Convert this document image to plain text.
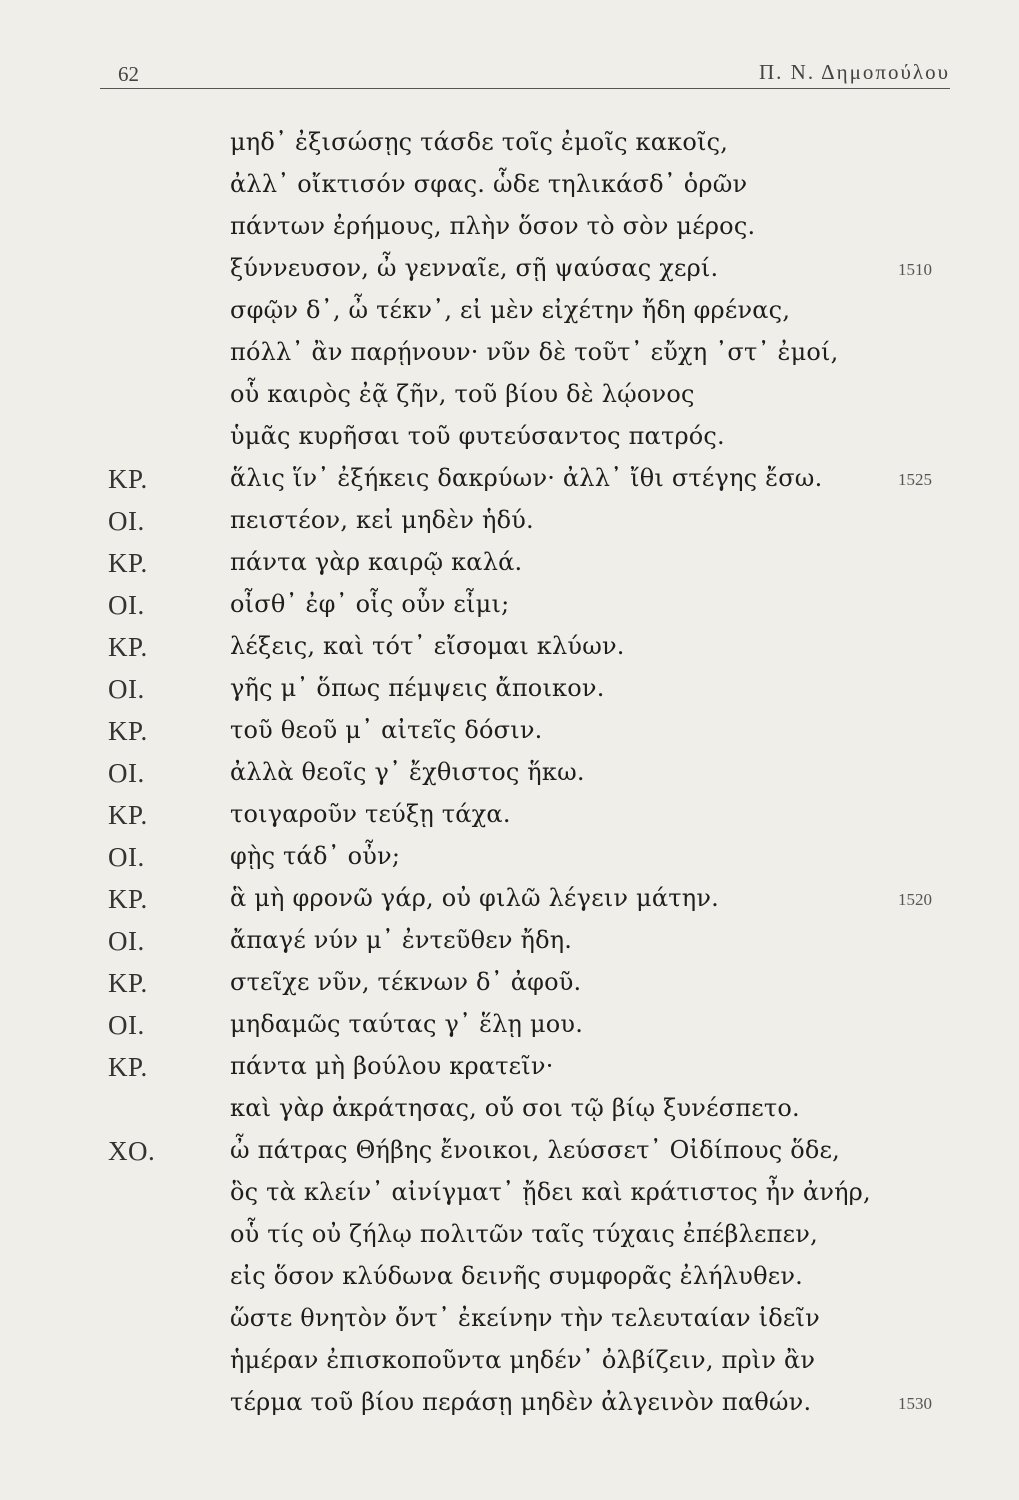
62	Π. Ν. Δημοπούλου
μηδ᾽ ἐξισώσῃς τάσδε τοῖς ἐμοῖς κακοῖς,
ἀλλ᾽ οἴκτισόν σφας. ὧδε τηλικάσδ᾽ ὁρῶν
πάντων ἐρήμους, πλὴν ὅσον τὸ σὸν μέρος.
ξύννευσον, ὦ γενναῖε, σῇ ψαύσας χερί.	1510
σφῷν δ᾽, ὦ τέκν᾽, εἰ μὲν εἰχέτην ἤδη φρένας,
πόλλ᾽ ἂν παρῄνουν· νῦν δὲ τοῦτ᾽ εὔχη ᾽στ᾽ ἐμοί,
οὗ καιρὸς ἐᾷ ζῆν, τοῦ βίου δὲ λῴονος
ὑμᾶς κυρῆσαι τοῦ φυτεύσαντος πατρός.
ΚΡ.	ἅλις ἵν᾽ ἐξήκεις δακρύων· ἀλλ᾽ ἴθι στέγης ἔσω.	1525
ΟΙ.	πειστέον, κεἰ μηδὲν ἡδύ.
ΚΡ.	πάντα γὰρ καιρῷ καλά.
ΟΙ.	οἶσθ᾽ ἐφ᾽ οἷς οὖν εἶμι;
ΚΡ.	λέξεις, καὶ τότ᾽ εἴσομαι κλύων.
ΟΙ.	γῆς μ᾽ ὅπως πέμψεις ἄποικον.
ΚΡ.	τοῦ θεοῦ μ᾽ αἰτεῖς δόσιν.
ΟΙ.	ἀλλὰ θεοῖς γ᾽ ἔχθιστος ἥκω.
ΚΡ.	τοιγαροῦν τεύξῃ τάχα.
ΟΙ.	φῂς τάδ᾽ οὖν;
ΚΡ.	ἃ μὴ φρονῶ γάρ, οὐ φιλῶ λέγειν μάτην.	1520
ΟΙ.	ἄπαγέ νύν μ᾽ ἐντεῦθεν ἤδη.
ΚΡ.	στεῖχε νῦν, τέκνων δ᾽ ἀφοῦ.
ΟΙ.	μηδαμῶς ταύτας γ᾽ ἕλῃ μου.
ΚΡ.	πάντα μὴ βούλου κρατεῖν·
καὶ γὰρ ἀκράτησας, οὔ σοι τῷ βίῳ ξυνέσπετο.
ΧΟ.	ὦ πάτρας Θήβης ἔνοικοι, λεύσσετ᾽ Οἰδίπους ὅδε,
ὃς τὰ κλείν᾽ αἰνίγματ᾽ ᾔδει καὶ κράτιστος ἦν ἀνήρ,
οὗ τίς οὐ ζήλῳ πολιτῶν ταῖς τύχαις ἐπέβλεπεν,
εἰς ὅσον κλύδωνα δεινῆς συμφορᾶς ἐλήλυθεν.
ὥστε θνητὸν ὄντ᾽ ἐκείνην τὴν τελευταίαν ἰδεῖν
ἡμέραν ἐπισκοποῦντα μηδέν᾽ ὀλβίζειν, πρὶν ἂν
τέρμα τοῦ βίου περάσῃ μηδὲν ἀλγεινὸν παθών.	1530
